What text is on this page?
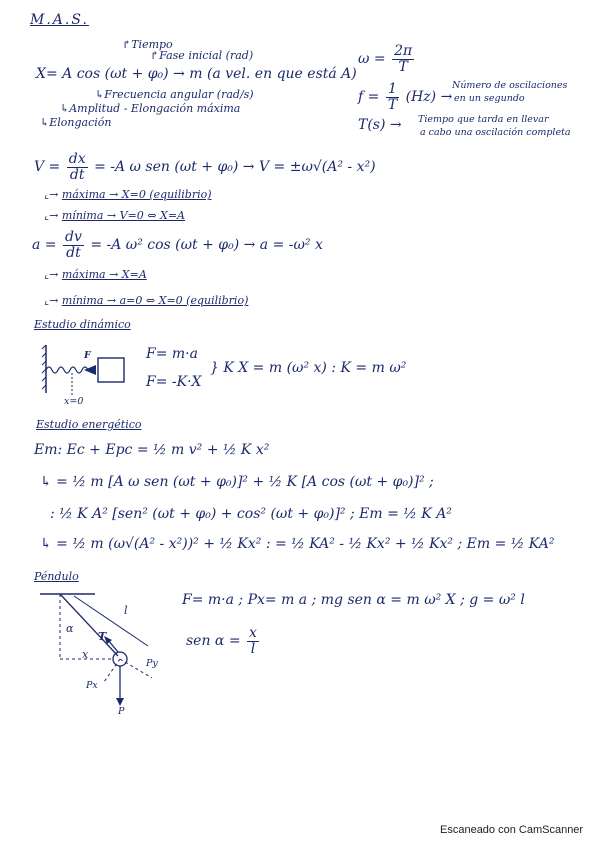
M.A.S.
↱Tiempo
↱Fase inicial (rad)
X= A cos (ωt + φ₀) → m (a vel. en que está A)
↳Frecuencia angular (rad/s)
↳Amplitud - Elongación máxima
↳Elongación
$\omega = \frac{2\pi}{T}$
$f = \frac{1}{T} (Hz)$ →
Número de oscilaciones
en un segundo
T(s) → Tiempo que tarda en llevar
a cabo una oscilación completa
$V = \frac{dx}{dt} = -A$ ω sen (ωt + φ₀) → V = ±ω√(A² - x²)
⌞→ máxima → X=0 (equilibrio)
⌞→ mínima → V=0 ⇔ X=A
$a = \frac{dv}{dt} = -A$ ω² cos (ωt + φ₀) → a = -ω² x
⌞→ máxima → X=A
⌞→ mínima → a=0 ⇔ X=0 (equilibrio)
Estudio dinámico
F
x=0
F= m·a
F= -K·X
} K X = m (ω² x) : K = m ω²
Estudio energético
Em: Ec + Epc = ½ m v² + ½ K x²
↳ = ½ m [A ω sen (ωt + φ₀)]² + ½ K [A cos (ωt + φ₀)]² ;
: ½ K A² [sen² (ωt + φ₀) + cos² (ωt + φ₀)]² ; Em = ½ K A²
↳ = ½ m (ω√(A² - x²))² + ½ Kx² : = ½ KA² - ½ Kx² + ½ Kx² ; Em = ½ KA²
Péndulo
l
α
T
x
Py
Px
P
F= m·a ; Px= m a ; mg sen α = m ω² X ; g = ω² l
sen $\alpha = \frac{x}{l}$
Escaneado con CamScanner
